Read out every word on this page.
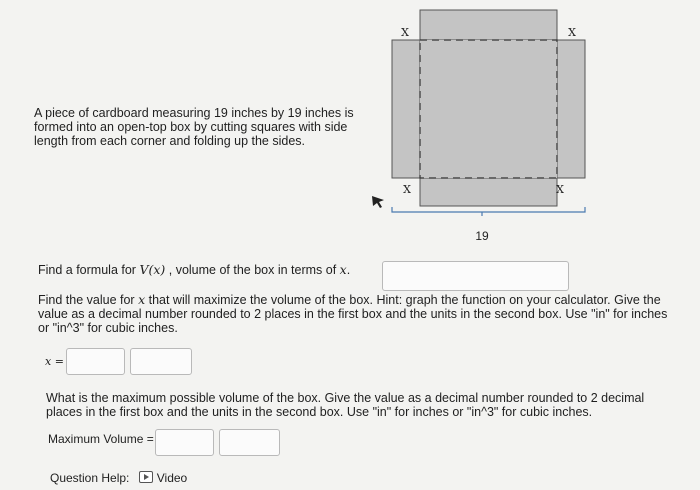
A piece of cardboard measuring 19 inches by 19 inches is formed into an open-top box by cutting squares with side length from each corner and folding up the sides.
X	X
X	X
19
Find a formula for V(x) , volume of the box in terms of x.
Find the value for x that will maximize the volume of the box. Hint: graph the function on your calculator. Give the value as a decimal number rounded to 2 places in the first box and the units in the second box. Use "in" for inches or "in^3" for cubic inches.
x =
What is the maximum possible volume of the box. Give the value as a decimal number rounded to 2 decimal places in the first box and the units in the second box. Use "in" for inches or "in^3" for cubic inches.
Maximum Volume =
Question Help: Video
